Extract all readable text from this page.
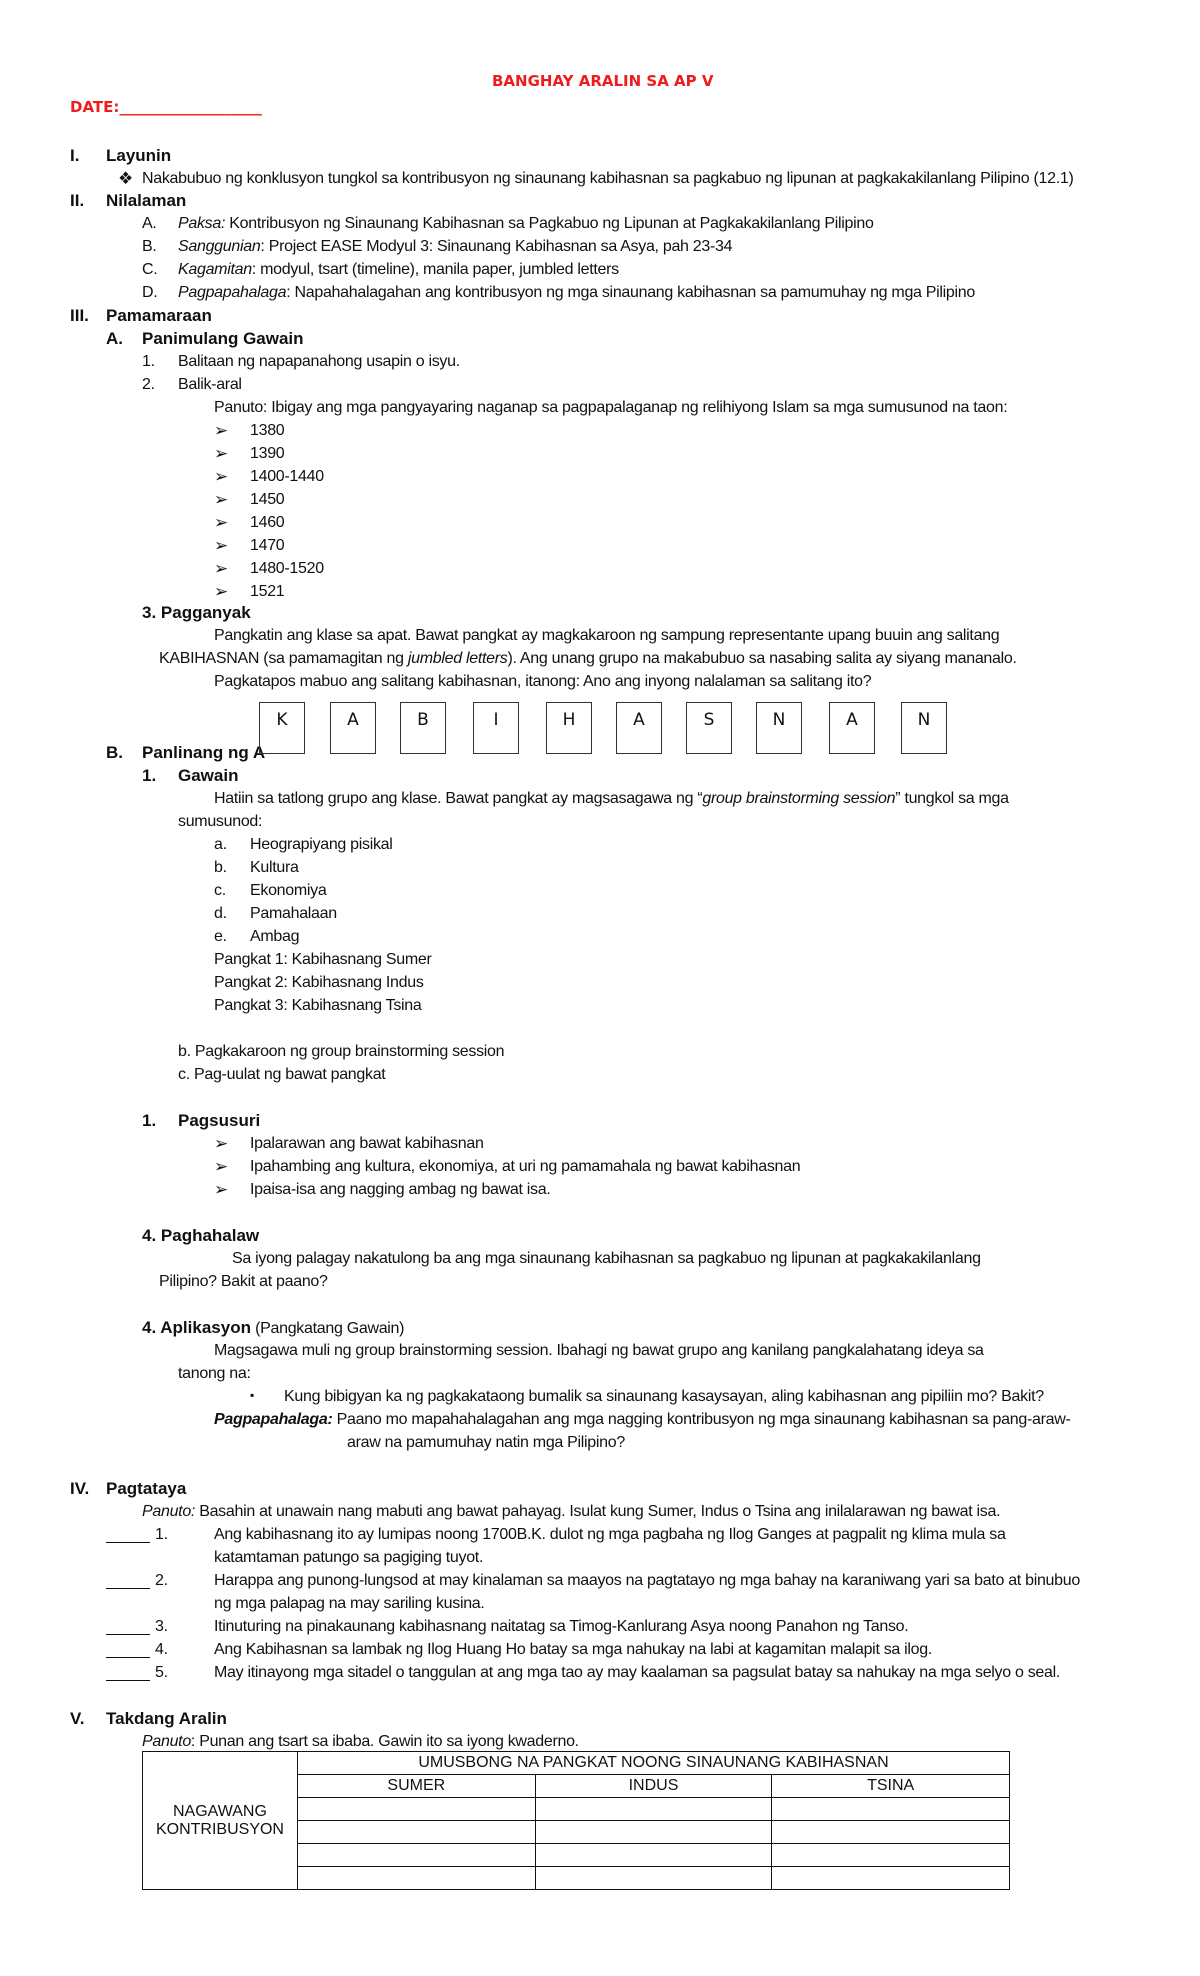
BANGHAY ARALIN SA AP V
DATE:___________________
I. Layunin
❖ Nakabubuo ng konklusyon tungkol sa kontribusyon ng sinaunang kabihasnan sa pagkabuo ng lipunan at pagkakakilanlang Pilipino (12.1)
II. Nilalaman
A. Paksa: Kontribusyon ng Sinaunang Kabihasnan sa Pagkabuo ng Lipunan at Pagkakakilanlang Pilipino
B. Sanggunian: Project EASE Modyul 3: Sinaunang Kabihasnan sa Asya, pah 23-34
C. Kagamitan: modyul, tsart (timeline), manila paper, jumbled letters
D. Pagpapahalaga: Napahahalagahan ang kontribusyon ng mga sinaunang kabihasnan sa pamumuhay ng mga Pilipino
III. Pamamaraan
A. Panimulang Gawain
1. Balitaan ng napapanahong usapin o isyu.
2. Balik-aral
Panuto: Ibigay ang mga pangyayaring naganap sa pagpapalaganap ng relihiyong Islam sa mga sumusunod na taon:
3. Pagganyak
Pangkatin ang klase sa apat. Bawat pangkat ay magkakaroon ng sampung representante upang buuin ang salitang
KABIHASNAN (sa pamamagitan ng jumbled letters). Ang unang grupo na makabubuo sa nasabing salita ay siyang mananalo.
Pagkatapos mabuo ang salitang kabihasnan, itanong: Ano ang inyong nalalaman sa salitang ito?
B. Panlinang ng A
1. Gawain
Hatiin sa tatlong grupo ang klase. Bawat pangkat ay magsasagawa ng “group brainstorming session” tungkol sa mga
sumusunod:
Pangkat 1: Kabihasnang Sumer
Pangkat 2: Kabihasnang Indus
Pangkat 3: Kabihasnang Tsina
b. Pagkakaroon ng group brainstorming session
c. Pag-uulat ng bawat pangkat
1. Pagsusuri
4. Paghahalaw
Sa iyong palagay nakatulong ba ang mga sinaunang kabihasnan sa pagkabuo ng lipunan at pagkakakilanlang
Pilipino? Bakit at paano?
4. Aplikasyon (Pangkatang Gawain)
Magsagawa muli ng group brainstorming session. Ibahagi ng bawat grupo ang kanilang pangkalahatang ideya sa
tanong na:
▪ Kung bibigyan ka ng pagkakataong bumalik sa sinaunang kasaysayan, aling kabihasnan ang pipiliin mo? Bakit?
Pagpapahalaga: Paano mo mapahahalagahan ang mga nagging kontribusyon ng mga sinaunang kabihasnan sa pang-araw-
araw na pamumuhay natin mga Pilipino?
IV. Pagtataya
Panuto: Basahin at unawain nang mabuti ang bawat pahayag. Isulat kung Sumer, Indus o Tsina ang inilalarawan ng bawat isa.
V. Takdang Aralin
Panuto: Punan ang tsart sa ibaba. Gawin ito sa iyong kwaderno.
NAGAWANG
KONTRIBUSYON	UMUSBONG NA PANGKAT NOONG SINAUNANG KABIHASNAN		
	SUMER	INDUS	TSINA

➢ 1380
➢ 1390
➢ 1400-1440
➢ 1450
➢ 1460
➢ 1470
➢ 1480-1520
➢ 1521
K	A	B	I	H	A	S	N	A	N
a. Heograpiyang pisikal
b. Kultura
c. Ekonomiya
d. Pamahalaan
e. Ambag
➢ Ipalarawan ang bawat kabihasnan
➢ Ipahambing ang kultura, ekonomiya, at uri ng pamamahala ng bawat kabihasnan
➢ Ipaisa-isa ang nagging ambag ng bawat isa.
1.	Ang kabihasnang ito ay lumipas noong 1700B.K. dulot ng mga pagbaha ng Ilog Ganges at pagpalit ng klima mula sa
katamtaman patungo sa pagiging tuyot.
2.	Harappa ang punong-lungsod at may kinalaman sa maayos na pagtatayo ng mga bahay na karaniwang yari sa bato at binubuo
ng mga palapag na may sariling kusina.
3.	Itinuturing na pinakaunang kabihasnang naitatag sa Timog-Kanlurang Asya noong Panahon ng Tanso.
4.	Ang Kabihasnan sa lambak ng Ilog Huang Ho batay sa mga nahukay na labi at kagamitan malapit sa ilog.
5.	May itinayong mga sitadel o tanggulan at ang mga tao ay may kaalaman sa pagsulat batay sa nahukay na mga selyo o seal.
